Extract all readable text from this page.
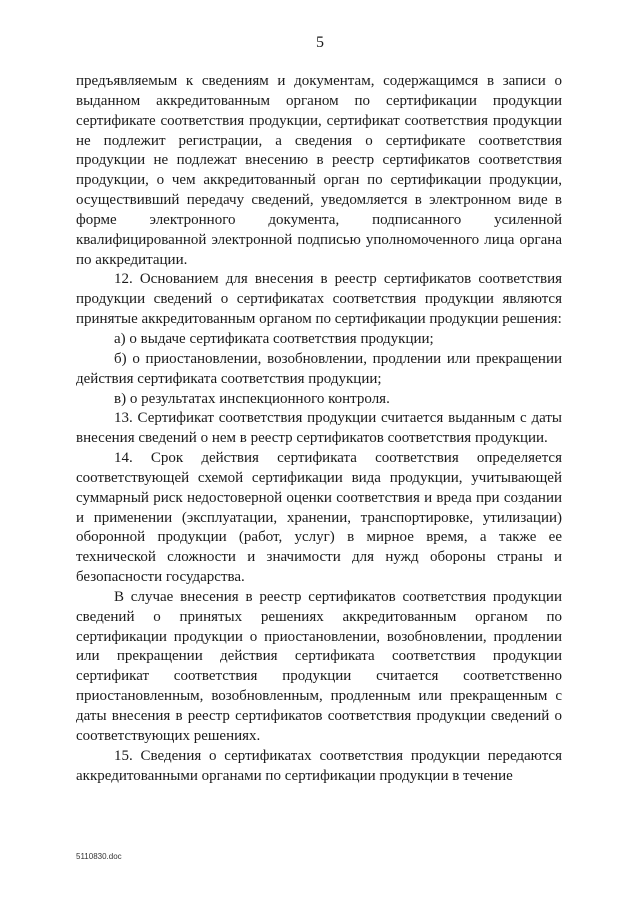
5

предъявляемым к сведениям и документам, содержащимся в записи о выданном аккредитованным органом по сертификации продукции сертификате соответствия продукции, сертификат соответствия продукции не подлежит регистрации, а сведения о сертификате соответствия продукции не подлежат внесению в реестр сертификатов соответствия продукции, о чем аккредитованный орган по сертификации продукции, осуществивший передачу сведений, уведомляется в электронном виде в форме электронного документа, подписанного усиленной квалифицированной электронной подписью уполномоченного лица органа по аккредитации.

12. Основанием для внесения в реестр сертификатов соответствия продукции сведений о сертификатах соответствия продукции являются принятые аккредитованным органом по сертификации продукции решения:

а) о выдаче сертификата соответствия продукции;

б) о приостановлении, возобновлении, продлении или прекращении действия сертификата соответствия продукции;

в) о результатах инспекционного контроля.

13. Сертификат соответствия продукции считается выданным с даты внесения сведений о нем в реестр сертификатов соответствия продукции.

14. Срок действия сертификата соответствия определяется соответствующей схемой сертификации вида продукции, учитывающей суммарный риск недостоверной оценки соответствия и вреда при создании и применении (эксплуатации, хранении, транспортировке, утилизации) оборонной продукции (работ, услуг) в мирное время, а также ее технической сложности и значимости для нужд обороны страны и безопасности государства.

В случае внесения в реестр сертификатов соответствия продукции сведений о принятых решениях аккредитованным органом по сертификации продукции о приостановлении, возобновлении, продлении или прекращении действия сертификата соответствия продукции сертификат соответствия продукции считается соответственно приостановленным, возобновленным, продленным или прекращенным с даты внесения в реестр сертификатов соответствия продукции сведений о соответствующих решениях.

15. Сведения о сертификатах соответствия продукции передаются аккредитованными органами по сертификации продукции в течение

5110830.doc
